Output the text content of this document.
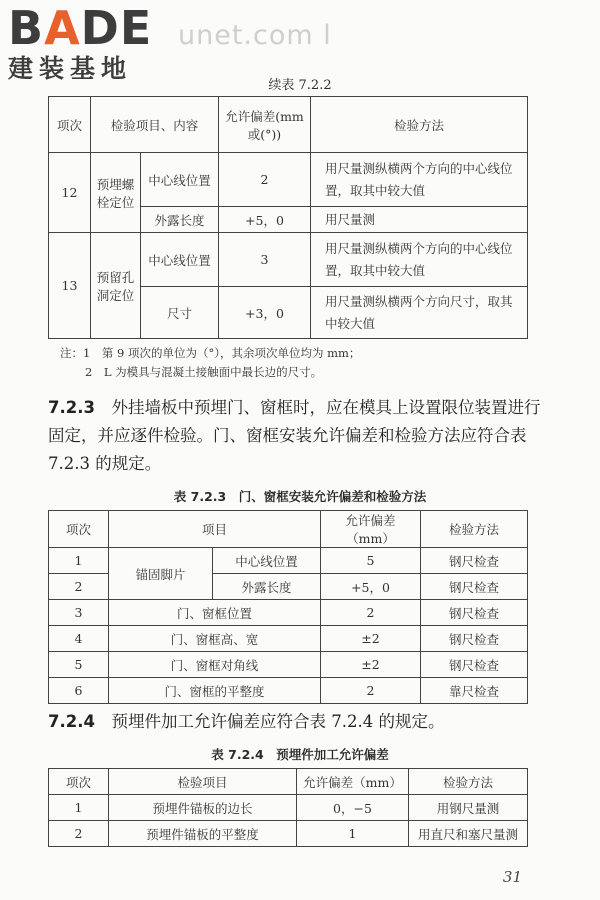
BADE
建装基地
unet.com l
续表 7.2.2
项次	检验项目、内容		允许偏差(mm 或(°))	检验方法
12	预埋螺栓定位	中心线位置	2	用尺量测纵横两个方向的中心线位置，取其中较大值
		外露长度	+5，0	用尺量测
13	预留孔洞定位	中心线位置	3	用尺量测纵横两个方向的中心线位置，取其中较大值
		尺寸	+3，0	用尺量测纵横两个方向尺寸，取其中较大值
注：1　第 9 项次的单位为（°），其余项次单位均为 mm；
2　L 为模具与混凝土接触面中最长边的尺寸。
7.2.3　 外挂墙板中预埋门、窗框时，应在模具上设置限位装置进行固定，并应逐件检验。门、窗框安装允许偏差和检验方法应符合表 7.2.3 的规定。
表 7.2.3　门、窗框安装允许偏差和检验方法
项次	项目		允许偏差（mm）	检验方法
1	锚固脚片	中心线位置	5	钢尺检查
2		外露长度	+5，0	钢尺检查
3	门、窗框位置		2	钢尺检查
4	门、窗框高、宽		±2	钢尺检查
5	门、窗框对角线		±2	钢尺检查
6	门、窗框的平整度		2	靠尺检查
7.2.4　 预埋件加工允许偏差应符合表 7.2.4 的规定。
表 7.2.4　预埋件加工允许偏差
项次	检验项目	允许偏差（mm）	检验方法
1	预埋件锚板的边长	0，−5	用钢尺量测
2	预埋件锚板的平整度	1	用直尺和塞尺量测
31
